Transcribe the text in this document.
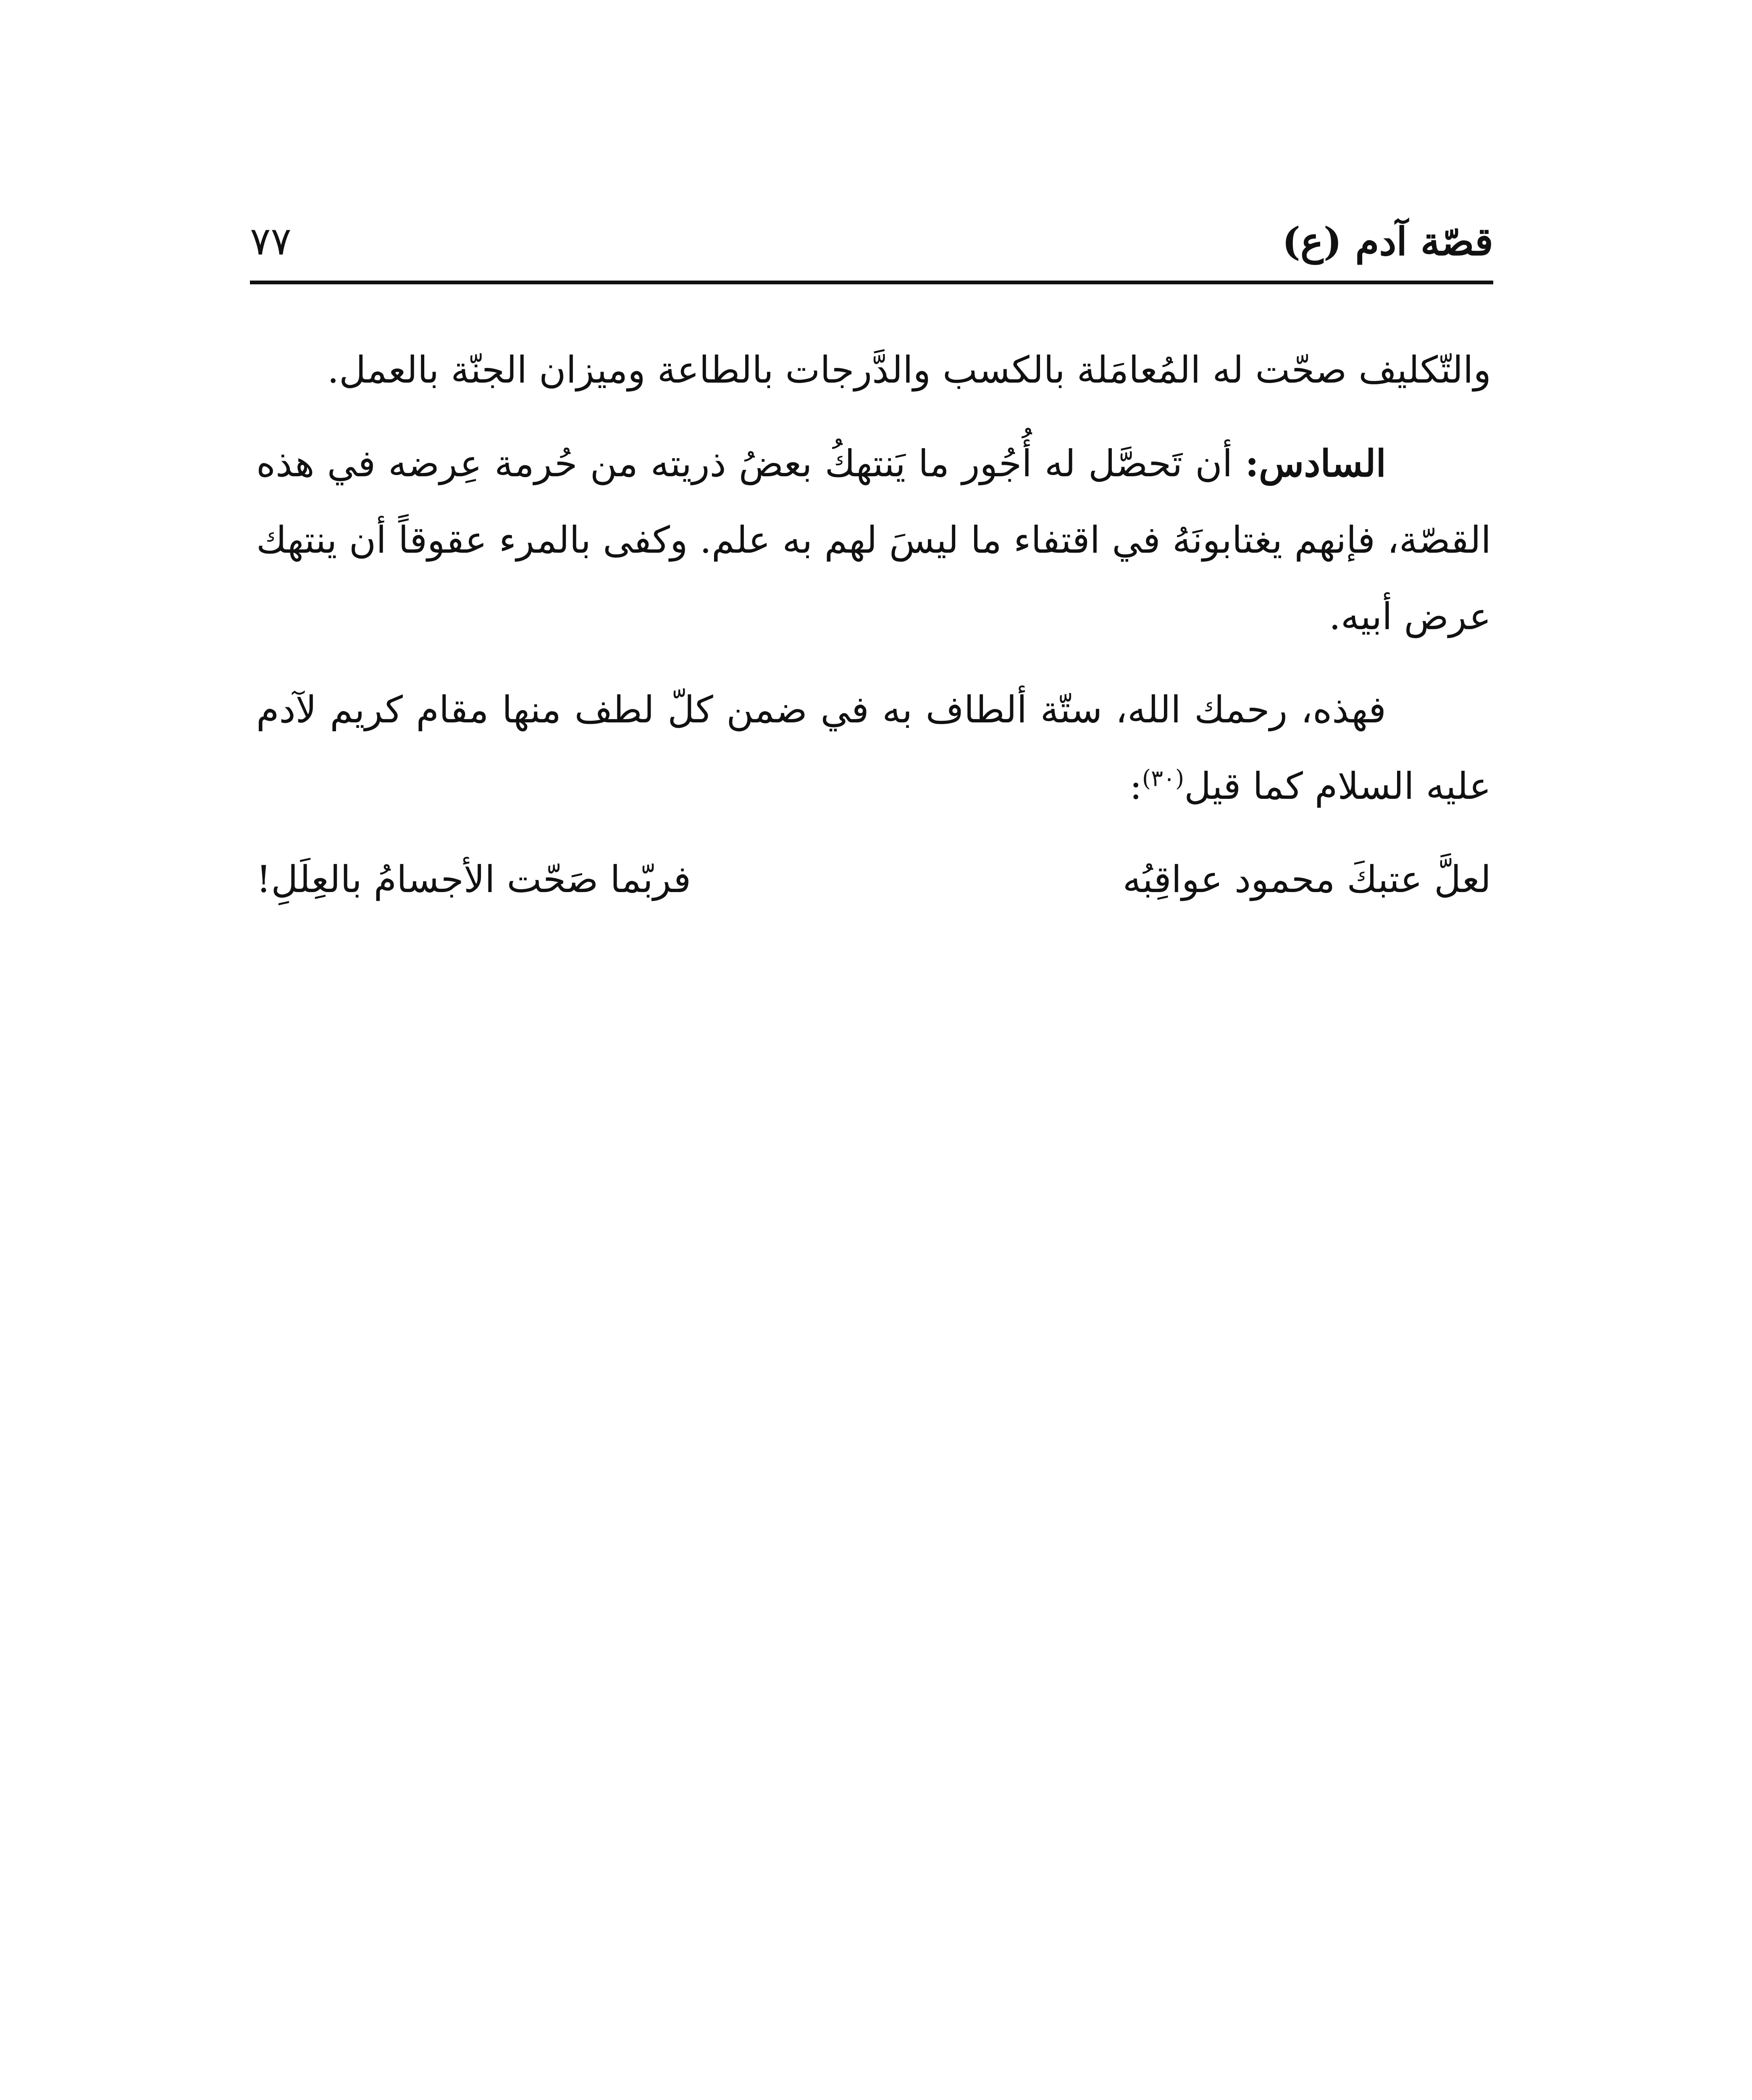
قصّة آدم (ع)
٧٧

والتّكليف صحّت له المُعامَلة بالكسب والدَّرجات بالطاعة وميزان الجنّة بالعمل.

السادس: أن تَحصَّل له أُجُور ما يَنتهكُ بعضُ ذريته من حُرمة عِرضه في هذه القصّة، فإنهم يغتابونَهُ في اقتفاء ما ليسَ لهم به علم. وكفى بالمرء عقوقاً أن ينتهك عرض أبيه.

فهذه، رحمك الله، ستّة ألطاف به في ضمن كلّ لطف منها مقام كريم لآدم عليه السلام كما قيل$^{(٣٠)}$:

لعلَّ عتبكَ محمود عواقِبُه
فربّما صَحّت الأجسامُ بالعِلَلِ!
